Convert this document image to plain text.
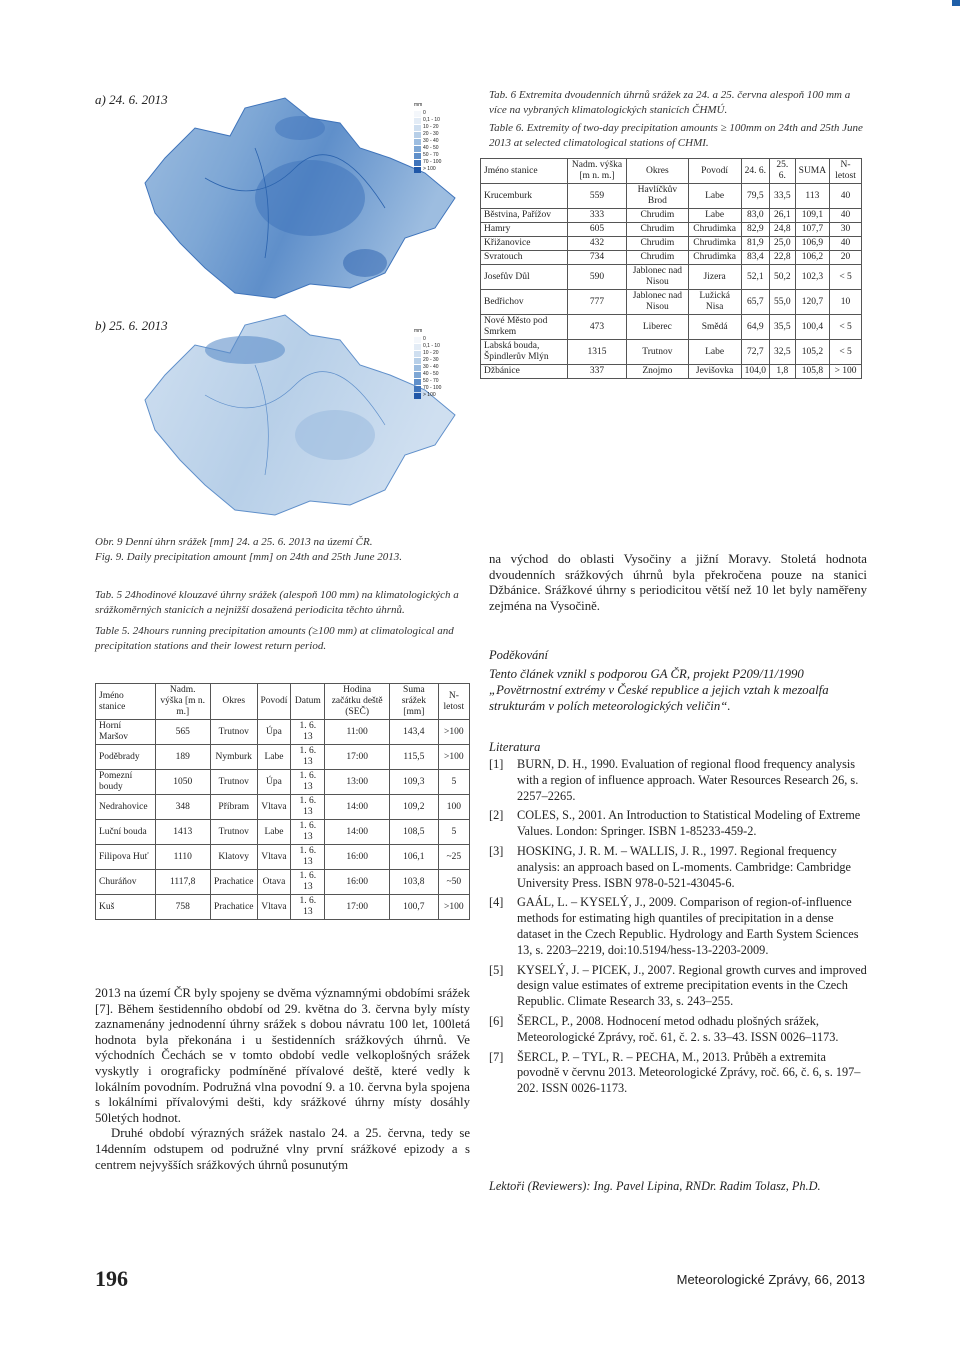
a) 24. 6. 2013	mm
0
0,1 - 10
10 - 20
20 - 30
30 - 40
40 - 50
50 - 70
70 - 100
> 100
b) 25. 6. 2013	mm
0
0,1 - 10
10 - 20
20 - 30
30 - 40
40 - 50
50 - 70
70 - 100
> 100

Obr. 9 Denní úhrn srážek [mm] 24. a 25. 6. 2013 na území ČR.

Fig. 9. Daily precipitation amount [mm] on 24th and 25th June 2013.

Tab. 5 24hodinové klouzavé úhrny srážek (alespoň 100 mm) na klimatologických a srážkoměrných stanicích a nejnižší dosažená periodicita těchto úhrnů.

Table 5. 24hours running precipitation amounts (≥100 mm) at climatological and precipitation stations and their lowest return period.

Tab. 6 Extremita dvoudenních úhrnů srážek za 24. a 25. června alespoň 100 mm a více na vybraných klimatologických stanicích ČHMÚ.

Table 6. Extremity of two-day precipitation amounts ≥ 100mm on 24th and 25th June 2013 at selected climatological stations of CHMI.

Jméno stanice	Nadm. výška [m n. m.]	Okres	Povodí	24. 6.	25. 6.	SUMA	N-letost
Krucemburk	559	Havlíčkův Brod	Labe	79,5	33,5	113	40
Běstvina, Pařížov	333	Chrudim	Labe	83,0	26,1	109,1	40
Hamry	605	Chrudim	Chrudimka	82,9	24,8	107,7	30
Křižanovice	432	Chrudim	Chrudimka	81,9	25,0	106,9	40
Svratouch	734	Chrudim	Chrudimka	83,4	22,8	106,2	20
Josefův Důl	590	Jablonec nad Nisou	Jizera	52,1	50,2	102,3	< 5
Bedřichov	777	Jablonec nad Nisou	Lužická Nisa	65,7	55,0	120,7	10
Nové Město pod Smrkem	473	Liberec	Smědá	64,9	35,5	100,4	< 5
Labská bouda, Špindlerův Mlýn	1315	Trutnov	Labe	72,7	32,5	105,2	< 5
Džbánice	337	Znojmo	Jevišovka	104,0	1,8	105,8	> 100
Jméno stanice	Nadm. výška [m n. m.]	Okres	Povodí	Datum	Hodina začátku deště (SEČ)	Suma srážek [mm]	N-letost
Horní Maršov	565	Trutnov	Úpa	1. 6. 13	11:00	143,4	>100
Poděbrady	189	Nymburk	Labe	1. 6. 13	17:00	115,5	>100
Pomezní boudy	1050	Trutnov	Úpa	1. 6. 13	13:00	109,3	5
Nedrahovice	348	Příbram	Vltava	1. 6. 13	14:00	109,2	100
Luční bouda	1413	Trutnov	Labe	1. 6. 13	14:00	108,5	5
Filipova Huť	1110	Klatovy	Vltava	1. 6. 13	16:00	106,1	~25
Churáňov	1117,8	Prachatice	Otava	1. 6. 13	16:00	103,8	~50
Kuš	758	Prachatice	Vltava	1. 6. 13	17:00	100,7	>100

2013 na území ČR byly spojeny se dvěma významnými obdobími srážek [7]. Během šestidenního období od 29. května do 3. června byly místy zaznamenány jednodenní úhrny srážek s dobou návratu 100 let, 100letá hodnota byla překonána i u šestidenních srážkových úhrnů. Ve východních Čechách se v tomto období vedle velkoplošných srážek vyskytly i orograficky podmíněné přívalové deště, které vedly k lokálním povodním. Podružná vlna povodní 9. a 10. června byla spojena s lokálními přívalovými dešti, kdy srážkové úhrny místy dosáhly 50letých hodnot.

Druhé období výrazných srážek nastalo 24. a 25. června, tedy se 14denním odstupem od podružné vlny první srážkové epizody a s centrem nejvyšších srážkových úhrnů posunutým

na východ do oblasti Vysočiny a jižní Moravy. Stoletá hodnota dvoudenních srážkových úhrnů byla překročena pouze na stanici Džbánice. Srážkové úhrny s periodicitou větší než 10 let byly naměřeny zejména na Vysočině.

Poděkování
Tento článek vznikl s podporou GA ČR, projekt P209/11/1990 „Povětrnostní extrémy v České republice a jejich vztah k mezoalfa strukturám v polích meteorologických veličin“.
Literatura
[1]	BURN, D. H., 1990. Evaluation of regional flood frequency analysis with a region of influence approach. Water Resources Research 26, s. 2257–2265.
[2]	COLES, S., 2001. An Introduction to Statistical Modeling of Extreme Values. London: Springer. ISBN 1-85233-459-2.
[3]	HOSKING, J. R. M. – WALLIS, J. R., 1997. Regional frequency analysis: an approach based on L-moments. Cambridge: Cambridge University Press. ISBN 978-0-521-43045-6.
[4]	GAÁL, L. – KYSELÝ, J., 2009. Comparison of region-of-influence methods for estimating high quantiles of precipitation in a dense dataset in the Czech Republic. Hydrology and Earth System Sciences 13, s. 2203–2219, doi:10.5194/hess-13-2203-2009.
[5]	KYSELÝ, J. – PICEK, J., 2007. Regional growth curves and improved design value estimates of extreme precipitation events in the Czech Republic. Climate Research 33, s. 243–255.
[6]	ŠERCL, P., 2008. Hodnocení metod odhadu plošných srážek, Meteorologické Zprávy, roč. 61, č. 2. s. 33–43. ISSN 0026–1173.
[7]	ŠERCL, P. – TYL, R. – PECHA, M., 2013. Průběh a extremita povodně v červnu 2013. Meteorologické Zprávy, roč. 66, č. 6, s. 197–202. ISSN 0026-1173.
Lektoři (Reviewers): Ing. Pavel Lipina, RNDr. Radim Tolasz, Ph.D.
196	Meteorologické Zprávy, 66, 2013
